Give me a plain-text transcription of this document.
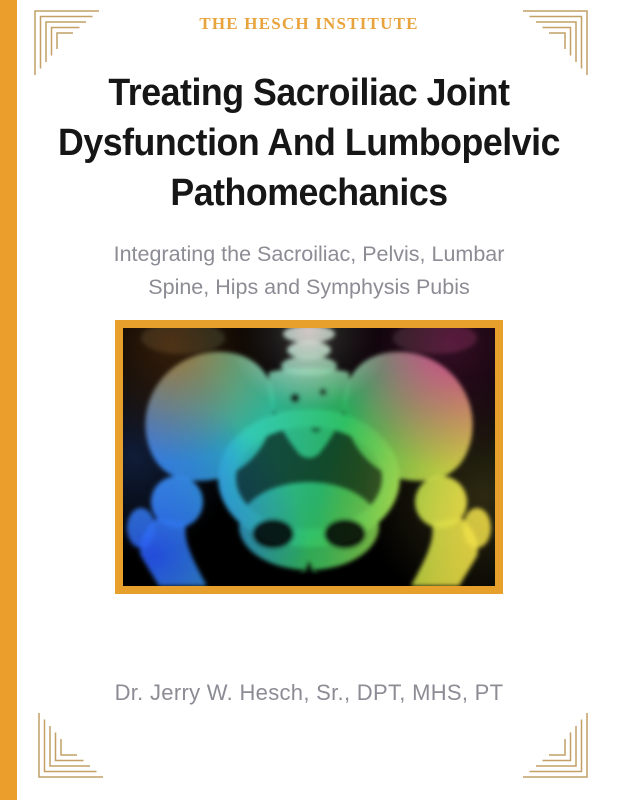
THE HESCH INSTITUTE
Treating Sacroiliac Joint
Dysfunction And Lumbopelvic
Pathomechanics
Integrating the Sacroiliac, Pelvis, Lumbar
Spine, Hips and Symphysis Pubis
Dr. Jerry W. Hesch, Sr., DPT, MHS, PT
